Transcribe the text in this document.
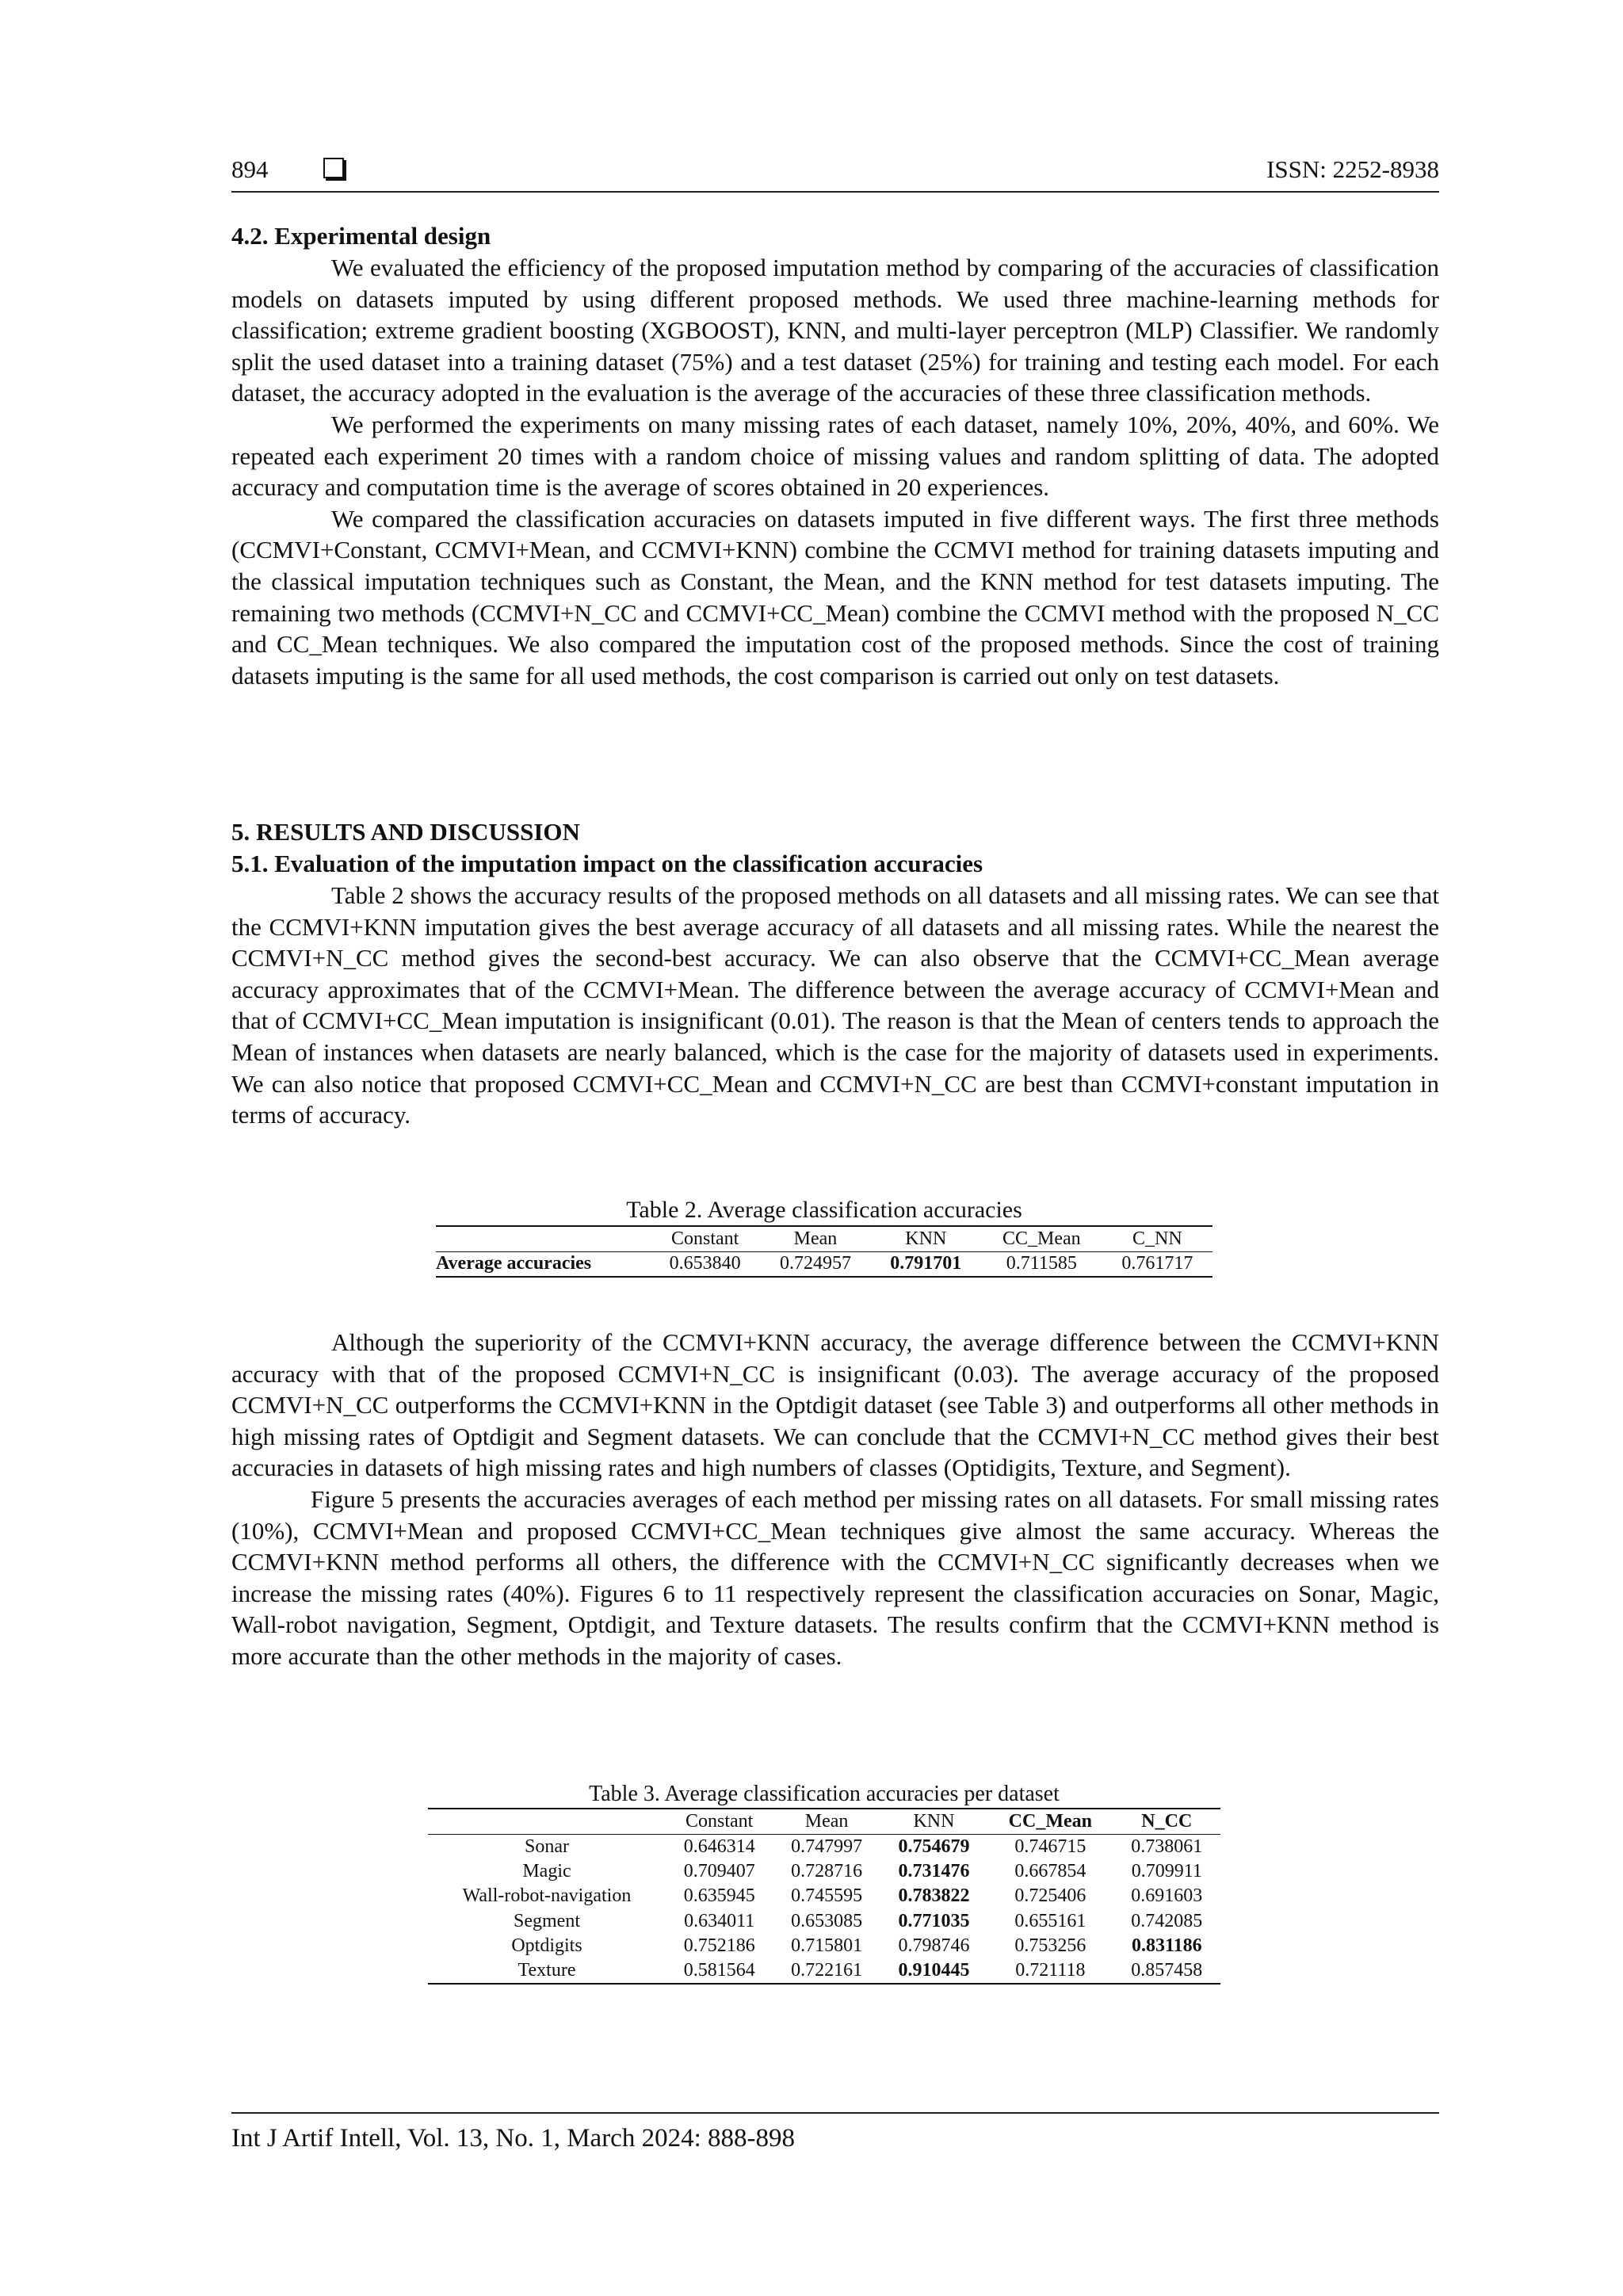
894	ISSN: 2252-8938
4.2. Experimental design

We evaluated the efficiency of the proposed imputation method by comparing of the accuracies of classification models on datasets imputed by using different proposed methods. We used three machine-learning methods for classification; extreme gradient boosting (XGBOOST), KNN, and multi-layer perceptron (MLP) Classifier. We randomly split the used dataset into a training dataset (75%) and a test dataset (25%) for training and testing each model. For each dataset, the accuracy adopted in the evaluation is the average of the accuracies of these three classification methods.

We performed the experiments on many missing rates of each dataset, namely 10%, 20%, 40%, and 60%. We repeated each experiment 20 times with a random choice of missing values and random splitting of data. The adopted accuracy and computation time is the average of scores obtained in 20 experiences.

We compared the classification accuracies on datasets imputed in five different ways. The first three methods (CCMVI+Constant, CCMVI+Mean, and CCMVI+KNN) combine the CCMVI method for training datasets imputing and the classical imputation techniques such as Constant, the Mean, and the KNN method for test datasets imputing. The remaining two methods (CCMVI+N_CC and CCMVI+CC_Mean) combine the CCMVI method with the proposed N_CC and CC_Mean techniques. We also compared the imputation cost of the proposed methods. Since the cost of training datasets imputing is the same for all used methods, the cost comparison is carried out only on test datasets.

5. RESULTS AND DISCUSSION
5.1. Evaluation of the imputation impact on the classification accuracies

Table 2 shows the accuracy results of the proposed methods on all datasets and all missing rates. We can see that the CCMVI+KNN imputation gives the best average accuracy of all datasets and all missing rates. While the nearest the CCMVI+N_CC method gives the second-best accuracy. We can also observe that the CCMVI+CC_Mean average accuracy approximates that of the CCMVI+Mean. The difference between the average accuracy of CCMVI+Mean and that of CCMVI+CC_Mean imputation is insignificant (0.01). The reason is that the Mean of centers tends to approach the Mean of instances when datasets are nearly balanced, which is the case for the majority of datasets used in experiments. We can also notice that proposed CCMVI+CC_Mean and CCMVI+N_CC are best than CCMVI+constant imputation in terms of accuracy.

Table 2. Average classification accuracies
	Constant	Mean	KNN	CC_Mean	C_NN
Average accuracies	0.653840	0.724957	0.791701	0.711585	0.761717

Although the superiority of the CCMVI+KNN accuracy, the average difference between the CCMVI+KNN accuracy with that of the proposed CCMVI+N_CC is insignificant (0.03). The average accuracy of the proposed CCMVI+N_CC outperforms the CCMVI+KNN in the Optdigit dataset (see Table 3) and outperforms all other methods in high missing rates of Optdigit and Segment datasets. We can conclude that the CCMVI+N_CC method gives their best accuracies in datasets of high missing rates and high numbers of classes (Optidigits, Texture, and Segment).

Figure 5 presents the accuracies averages of each method per missing rates on all datasets. For small missing rates (10%), CCMVI+Mean and proposed CCMVI+CC_Mean techniques give almost the same accuracy. Whereas the CCMVI+KNN method performs all others, the difference with the CCMVI+N_CC significantly decreases when we increase the missing rates (40%). Figures 6 to 11 respectively represent the classification accuracies on Sonar, Magic, Wall-robot navigation, Segment, Optdigit, and Texture datasets. The results confirm that the CCMVI+KNN method is more accurate than the other methods in the majority of cases.

Table 3. Average classification accuracies per dataset
	Constant	Mean	KNN	CC_Mean	N_CC
Sonar	0.646314	0.747997	0.754679	0.746715	0.738061
Magic	0.709407	0.728716	0.731476	0.667854	0.709911
Wall-robot-navigation	0.635945	0.745595	0.783822	0.725406	0.691603
Segment	0.634011	0.653085	0.771035	0.655161	0.742085
Optdigits	0.752186	0.715801	0.798746	0.753256	0.831186
Texture	0.581564	0.722161	0.910445	0.721118	0.857458
Int J Artif Intell, Vol. 13, No. 1, March 2024: 888-898
